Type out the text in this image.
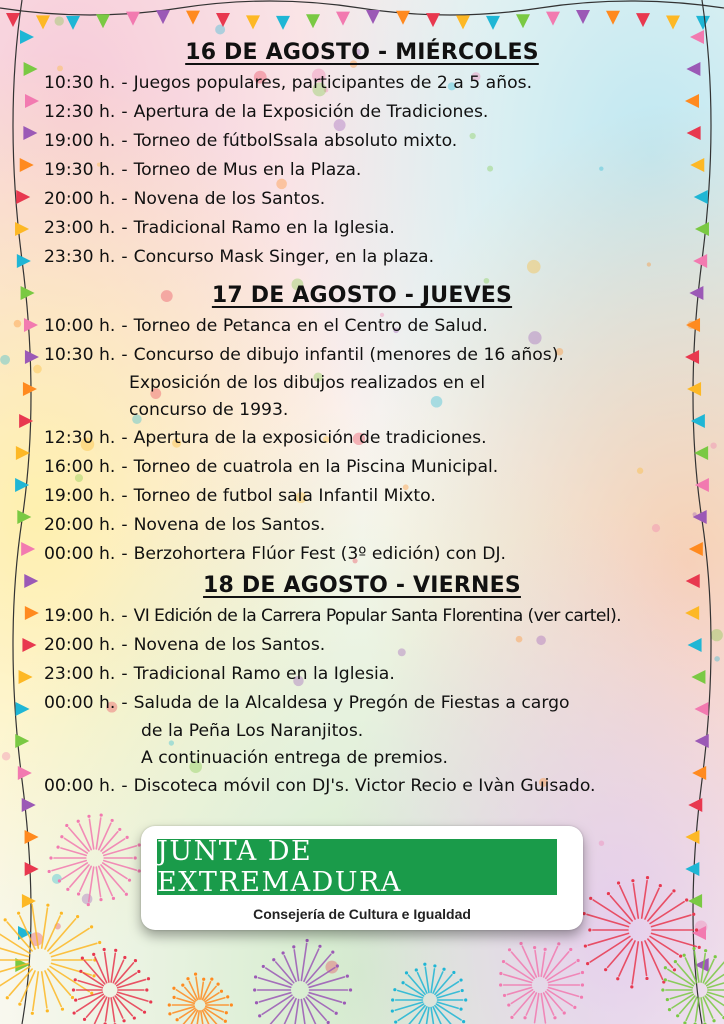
16 DE AGOSTO - MIÉRCOLES
10:30 h. - Juegos populares, participantes de 2 a 5 años.
12:30 h. - Apertura de la Exposición de Tradiciones.
19:00 h. - Torneo de fútbolSsala absoluto mixto.
19:30 h. - Torneo de Mus en la Plaza.
20:00 h. - Novena de los Santos.
23:00 h. - Tradicional Ramo en la Iglesia.
23:30 h. - Concurso Mask Singer, en la plaza.
17 DE AGOSTO - JUEVES
10:00 h. - Torneo de Petanca en el Centro de Salud.
10:30 h. - Concurso de dibujo infantil (menores de 16 años).
Exposición de los dibujos realizados en el
concurso de 1993.
12:30 h. - Apertura de la exposición de tradiciones.
16:00 h. - Torneo de cuatrola en la Piscina Municipal.
19:00 h. - Torneo de futbol sala Infantil Mixto.
20:00 h. - Novena de los Santos.
00:00 h. - Berzohortera Flúor Fest (3º edición) con DJ.
18 DE AGOSTO - VIERNES
19:00 h. - VI Edición de la Carrera Popular Santa Florentina (ver cartel).
20:00 h. - Novena de los Santos.
23:00 h. - Tradicional Ramo en la Iglesia.
00:00 h. - Saluda de la Alcaldesa y Pregón de Fiestas a cargo
de la Peña Los Naranjitos.
A continuación entrega de premios.
00:00 h. - Discoteca móvil con DJ's. Victor Recio e Ivàn Guisado.
JUNTA DE EXTREMADURA
Consejería de Cultura e Igualdad
